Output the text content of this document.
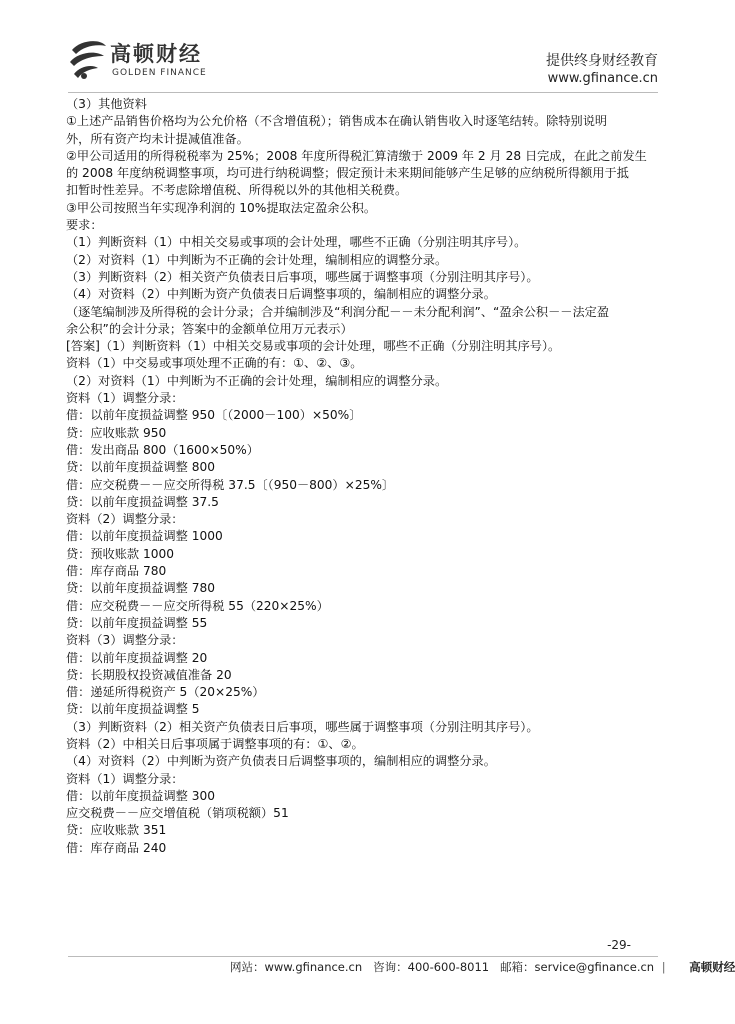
高顿财经
GOLDEN FINANCE
提供终身财经教育
www.gfinance.cn
（3）其他资料
①上述产品销售价格均为公允价格（不含增值税）；销售成本在确认销售收入时逐笔结转。除特别说明
外，所有资产均未计提减值准备。
②甲公司适用的所得税税率为 25%；2008 年度所得税汇算清缴于 2009 年 2 月 28 日完成，在此之前发生
的 2008 年度纳税调整事项，均可进行纳税调整；假定预计未来期间能够产生足够的应纳税所得额用于抵
扣暂时性差异。不考虑除增值税、所得税以外的其他相关税费。
③甲公司按照当年实现净利润的 10%提取法定盈余公积。
要求：
（1）判断资料（1）中相关交易或事项的会计处理，哪些不正确（分别注明其序号）。
（2）对资料（1）中判断为不正确的会计处理，编制相应的调整分录。
（3）判断资料（2）相关资产负债表日后事项，哪些属于调整事项（分别注明其序号）。
（4）对资料（2）中判断为资产负债表日后调整事项的，编制相应的调整分录。
（逐笔编制涉及所得税的会计分录；合并编制涉及“利润分配－－未分配利润”、“盈余公积－－法定盈
余公积”的会计分录；答案中的金额单位用万元表示）
[答案]（1）判断资料（1）中相关交易或事项的会计处理，哪些不正确（分别注明其序号）。
资料（1）中交易或事项处理不正确的有：①、②、③。
（2）对资料（1）中判断为不正确的会计处理，编制相应的调整分录。
资料（1）调整分录：
借：以前年度损益调整 950〔（2000－100）×50%〕
贷：应收账款 950
借：发出商品 800（1600×50%）
贷：以前年度损益调整 800
借：应交税费－－应交所得税 37.5〔（950－800）×25%〕
贷：以前年度损益调整 37.5
资料（2）调整分录：
借：以前年度损益调整 1000
贷：预收账款 1000
借：库存商品 780
贷：以前年度损益调整 780
借：应交税费－－应交所得税 55（220×25%）
贷：以前年度损益调整 55
资料（3）调整分录：
借：以前年度损益调整 20
贷：长期股权投资减值准备 20
借：递延所得税资产 5（20×25%）
贷：以前年度损益调整 5
（3）判断资料（2）相关资产负债表日后事项，哪些属于调整事项（分别注明其序号）。
资料（2）中相关日后事项属于调整事项的有：①、②。
（4）对资料（2）中判断为资产负债表日后调整事项的，编制相应的调整分录。
资料（1）调整分录：
借：以前年度损益调整 300
应交税费－－应交增值税（销项税额）51
贷：应收账款 351
借：库存商品 240
-29-
网站：www.gfinance.cn 咨询：400-600-8011 邮箱：service@gfinance.cn | 高顿财经
